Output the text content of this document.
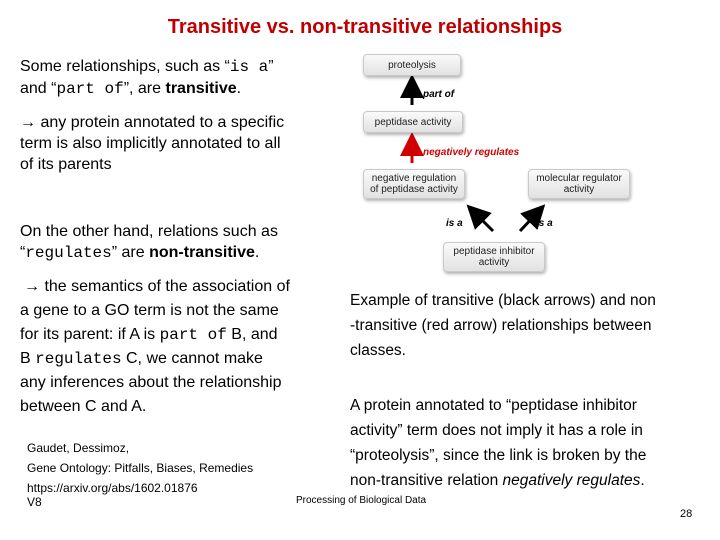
Transitive vs. non-transitive relationships
Some relationships, such as “is a”
and “part of”, are transitive.
→ any protein annotated to a specific
term is also implicitly annotated to all
of its parents
On the other hand, relations such as
“regulates” are non-transitive.
→ the semantics of the association of
a gene to a GO term is not the same
for its parent: if A is part of B, and
B regulates C, we cannot make
any inferences about the relationship
between C and A.
Gaudet, Dessimoz,
Gene Ontology: Pitfalls, Biases, Remedies
https://arxiv.org/abs/1602.01876
V8
proteolysis
part of
peptidase activity
negatively regulates
negative regulation
of peptidase activity
molecular regulator
activity
is a	is a
peptidase inhibitor
activity
Example of transitive (black arrows) and non
-transitive (red arrow) relationships between
classes.
A protein annotated to “peptidase inhibitor
activity” term does not imply it has a role in
“proteolysis”, since the link is broken by the
non-transitive relation negatively regulates.
Processing of Biological Data
28
